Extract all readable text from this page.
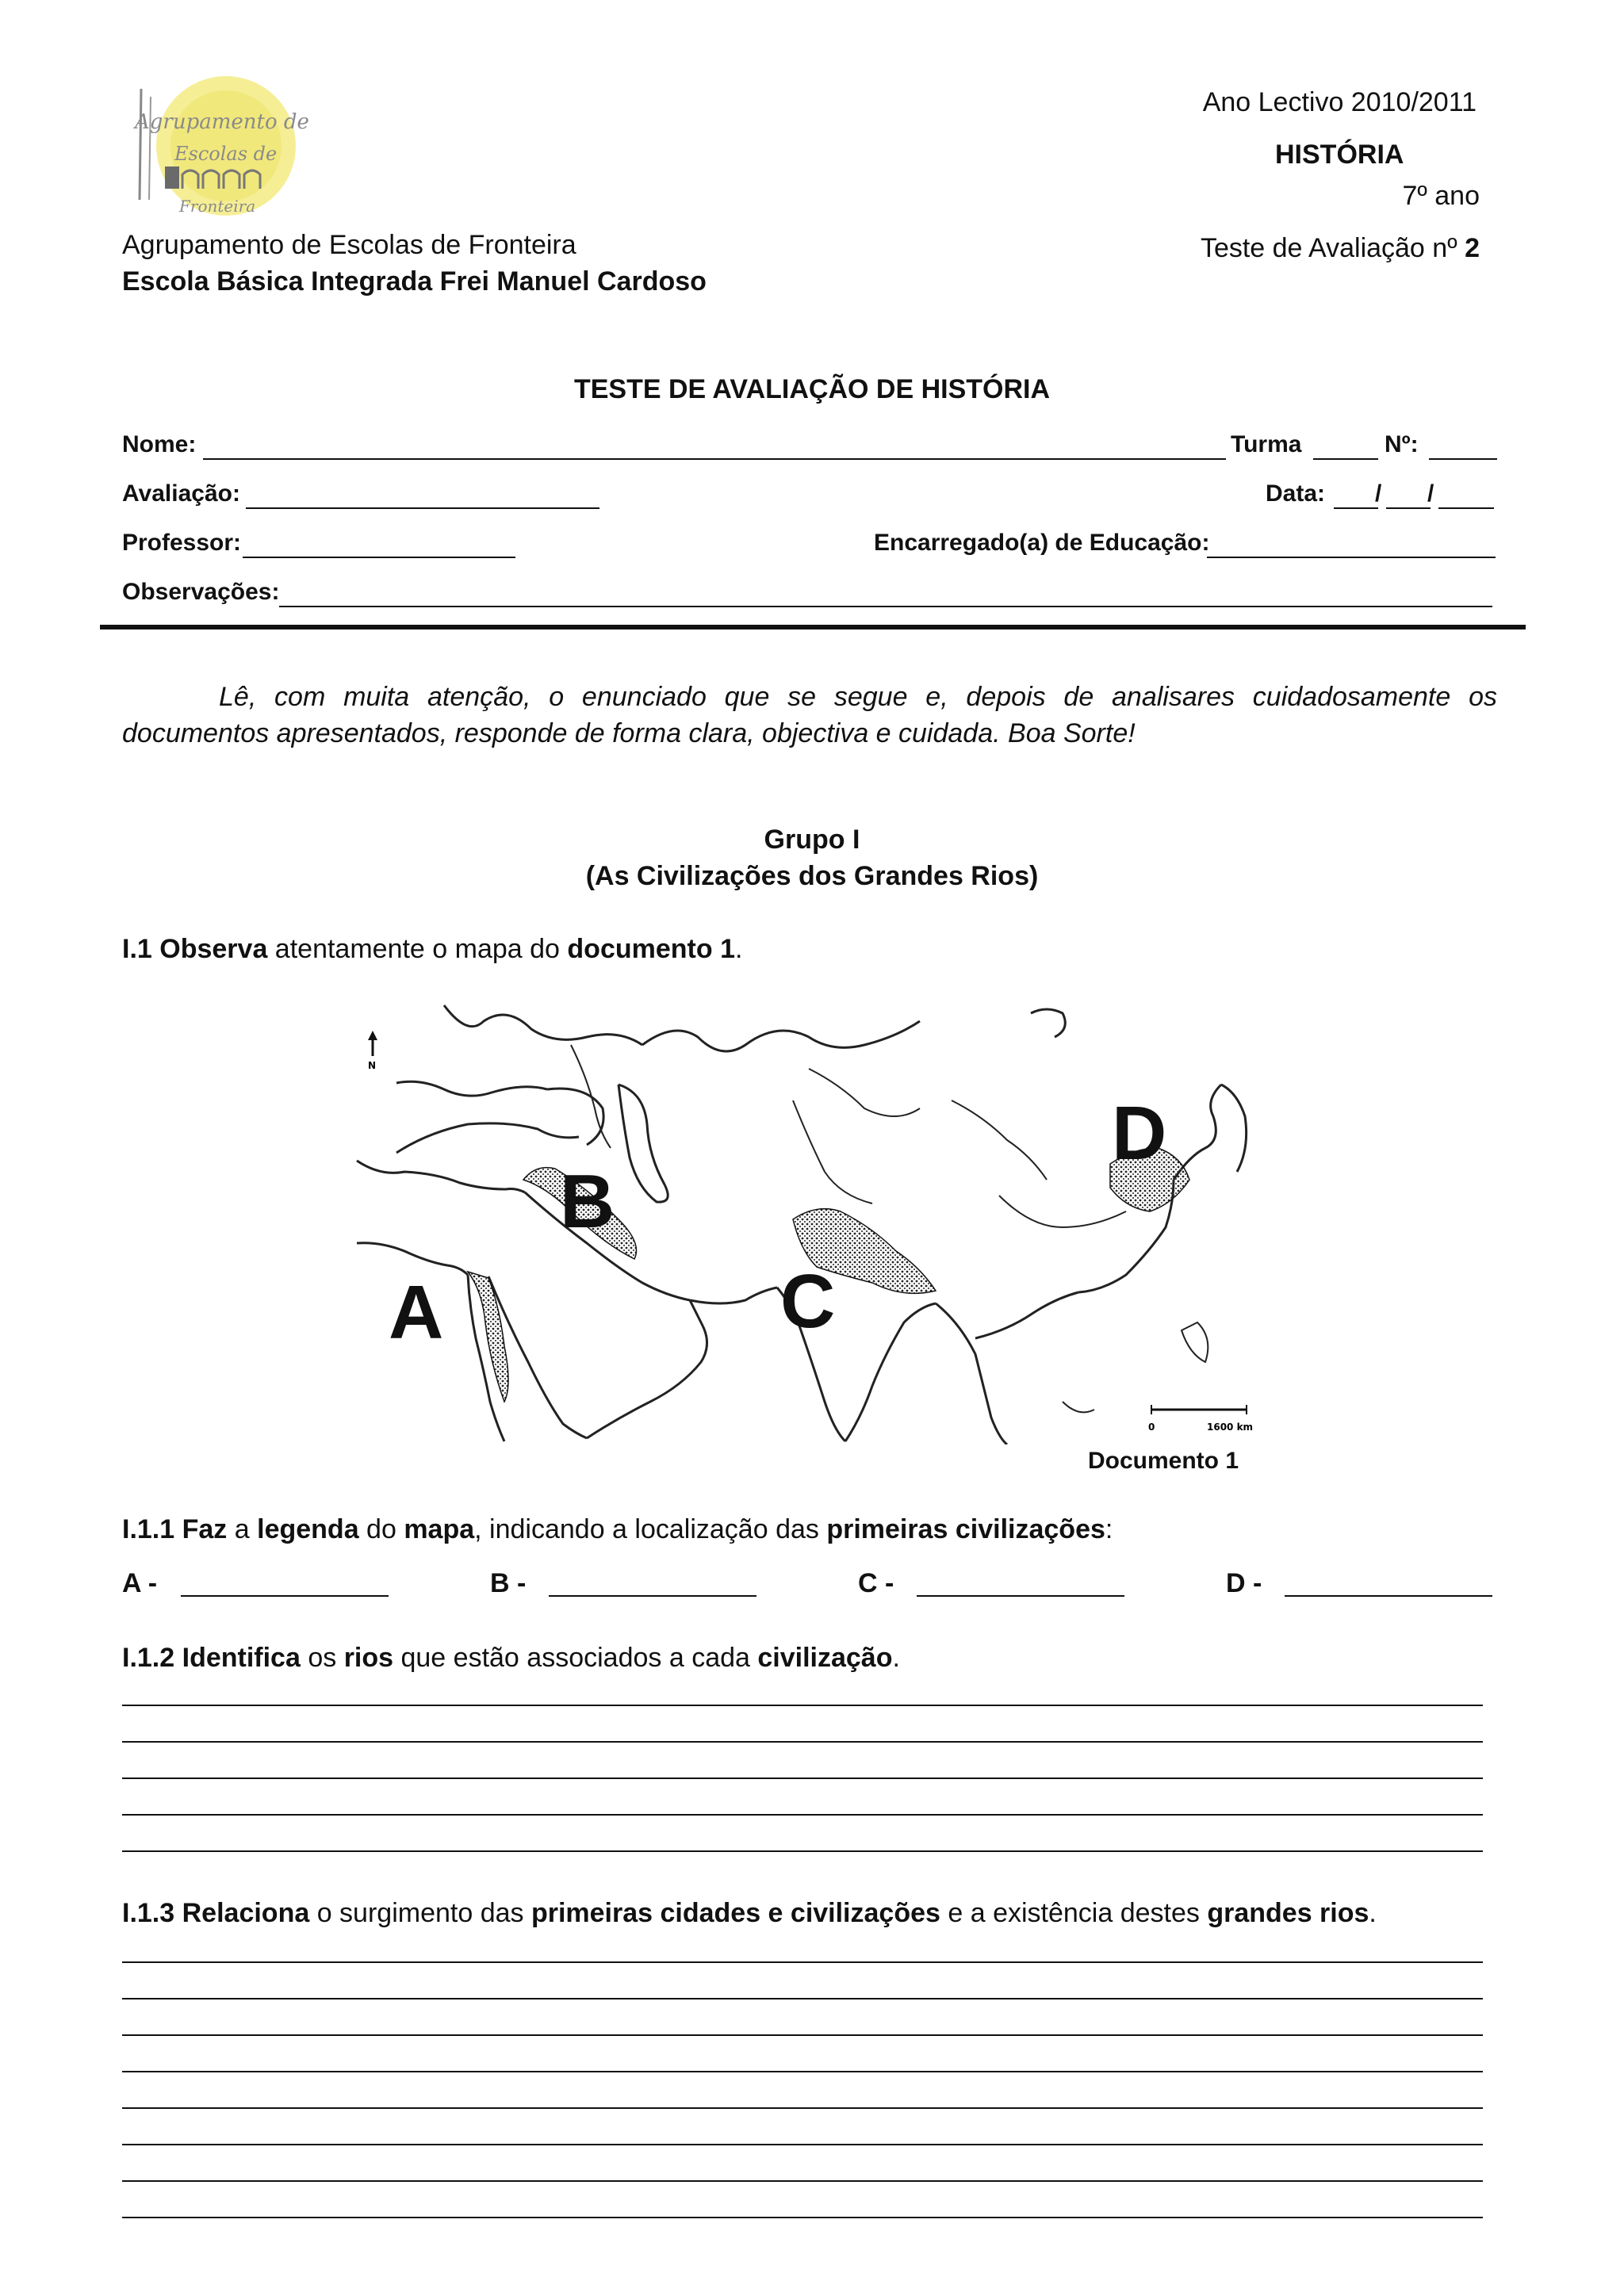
Agrupamento de
Escolas de
Fronteira
Agrupamento de Escolas de Fronteira
Escola Básica Integrada Frei Manuel Cardoso
Ano Lectivo 2010/2011
HISTÓRIA
7º ano
Teste de Avaliação nº 2
TESTE DE AVALIAÇÃO DE HISTÓRIA
Nome:	Turma	Nº:
Avaliação:	Data: / /
Professor:	Encarregado(a) de Educação:
Observações:
Lê, com muita atenção, o enunciado que se segue e, depois de analisares cuidadosamente os documentos apresentados, responde de forma clara, objectiva e cuidada. Boa Sorte!
Grupo I
(As Civilizações dos Grandes Rios)
I.1 Observa atentamente o mapa do documento 1.
N
A
B
C
D
0	1600 km
Documento 1
I.1.1 Faz a legenda do mapa, indicando a localização das primeiras civilizações:
A -	B -	C -	D -
I.1.2 Identifica os rios que estão associados a cada civilização.
I.1.3 Relaciona o surgimento das primeiras cidades e civilizações e a existência destes grandes rios.
